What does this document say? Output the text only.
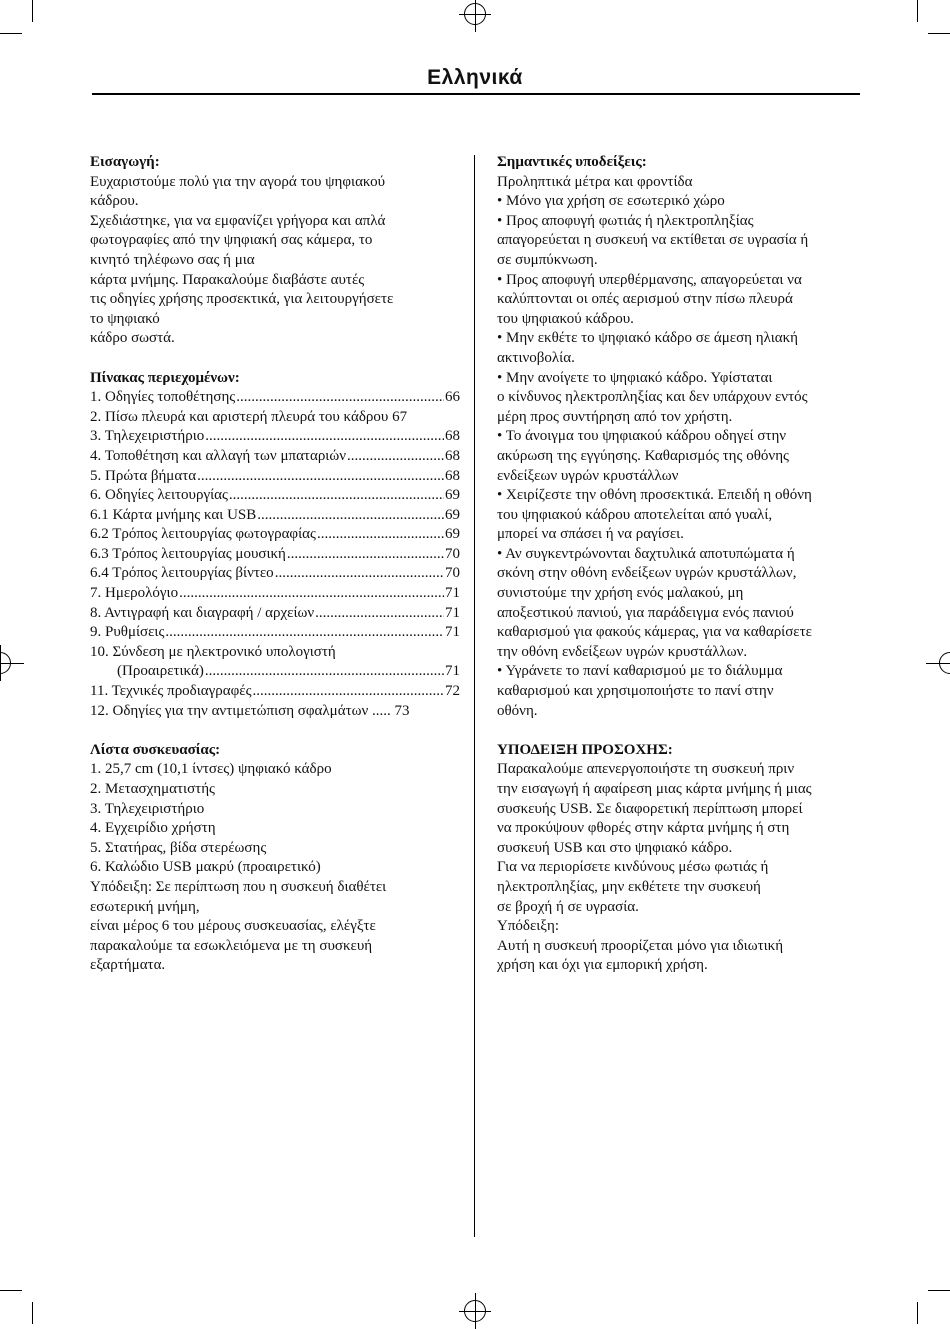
Ελληνικά

Εισαγωγή:

Ευχαριστούμε πολύ για την αγορά του ψηφιακού

κάδρου.

Σχεδιάστηκε, για να εμφανίζει γρήγορα και απλά

φωτογραφίες από την ψηφιακή σας κάμερα, το

κινητό τηλέφωνο σας ή μια

κάρτα μνήμης. Παρακαλούμε διαβάστε αυτές

τις οδηγίες χρήσης προσεκτικά, για λειτουργήσετε

το ψηφιακό

κάδρο σωστά.

Πίνακας περιεχομένων:

1. Οδηγίες τοποθέτησης .....	66
2. Πίσω πλευρά και αριστερή πλευρά του κάδρου 67
3. Τηλεχειριστήριο .....	68
4. Τοποθέτηση και αλλαγή των μπαταριών .....	68
5. Πρώτα βήματα .....	68
6. Οδηγίες λειτουργίας .....	69
6.1 Κάρτα μνήμης και USB .....	69
6.2 Τρόπος λειτουργίας φωτογραφίας .....	69
6.3 Τρόπος λειτουργίας μουσική .....	70
6.4 Τρόπος λειτουργίας βίντεο .....	70
7. Ημερολόγιο .....	71
8. Αντιγραφή και διαγραφή / αρχείων .....	71
9. Ρυθμίσεις .....	71
10. Σύνδεση με ηλεκτρονικό υπολογιστή
(Προαιρετικά) .....	71
11. Τεχνικές προδιαγραφές .....	72
12. Οδηγίες για την αντιμετώπιση σφαλμάτων ..... 73

Λίστα συσκευασίας:

1. 25,7 cm (10,1 ίντσες) ψηφιακό κάδρο

2. Μετασχηματιστής

3. Τηλεχειριστήριο

4. Εγχειρίδιο χρήστη

5. Στατήρας, βίδα στερέωσης

6. Καλώδιο USB μακρύ (προαιρετικό)

Υπόδειξη: Σε περίπτωση που η συσκευή διαθέτει

εσωτερική μνήμη,

είναι μέρος 6 του μέρους συσκευασίας, ελέγξτε

παρακαλούμε τα εσωκλειόμενα με τη συσκευή

εξαρτήματα.

Σημαντικές υποδείξεις:

Προληπτικά μέτρα και φροντίδα

• Μόνο για χρήση σε εσωτερικό χώρο

• Προς αποφυγή φωτιάς ή ηλεκτροπληξίας

απαγορεύεται η συσκευή να εκτίθεται σε υγρασία ή

σε συμπύκνωση.

• Προς αποφυγή υπερθέρμανσης, απαγορεύεται να

καλύπτονται οι οπές αερισμού στην πίσω πλευρά

του ψηφιακού κάδρου.

• Μην εκθέτε το ψηφιακό κάδρο σε άμεση ηλιακή

ακτινοβολία.

• Μην ανοίγετε το ψηφιακό κάδρο. Υφίσταται

ο κίνδυνος ηλεκτροπληξίας και δεν υπάρχουν εντός

μέρη προς συντήρηση από τον χρήστη.

• Το άνοιγμα του ψηφιακού κάδρου οδηγεί στην

ακύρωση της εγγύησης. Καθαρισμός της οθόνης

ενδείξεων υγρών κρυστάλλων

• Χειρίζεστε την οθόνη προσεκτικά. Επειδή η οθόνη

του ψηφιακού κάδρου αποτελείται από γυαλί,

μπορεί να σπάσει ή να ραγίσει.

• Αν συγκεντρώνονται δαχτυλικά αποτυπώματα ή

σκόνη στην οθόνη ενδείξεων υγρών κρυστάλλων,

συνιστούμε την χρήση ενός μαλακού, μη

αποξεστικού πανιού, για παράδειγμα ενός πανιού

καθαρισμού για φακούς κάμερας, για να καθαρίσετε

την οθόνη ενδείξεων υγρών κρυστάλλων.

• Υγράνετε το πανί καθαρισμού με το διάλυμμα

καθαρισμού και χρησιμοποιήστε το πανί στην

οθόνη.

ΥΠΟΔΕΙΞΗ ΠΡΟΣΟΧΗΣ:

Παρακαλούμε απενεργοποιήστε τη συσκευή πριν

την εισαγωγή ή αφαίρεση μιας κάρτα μνήμης ή μιας

συσκευής USB. Σε διαφορετική περίπτωση μπορεί

να προκύψουν φθορές στην κάρτα μνήμης ή στη

συσκευή USB και στο ψηφιακό κάδρο.

Για να περιορίσετε κινδύνους μέσω φωτιάς ή

ηλεκτροπληξίας, μην εκθέτετε την συσκευή

σε βροχή ή σε υγρασία.

Υπόδειξη:

Αυτή η συσκευή προορίζεται μόνο για ιδιωτική

χρήση και όχι για εμπορική χρήση.
